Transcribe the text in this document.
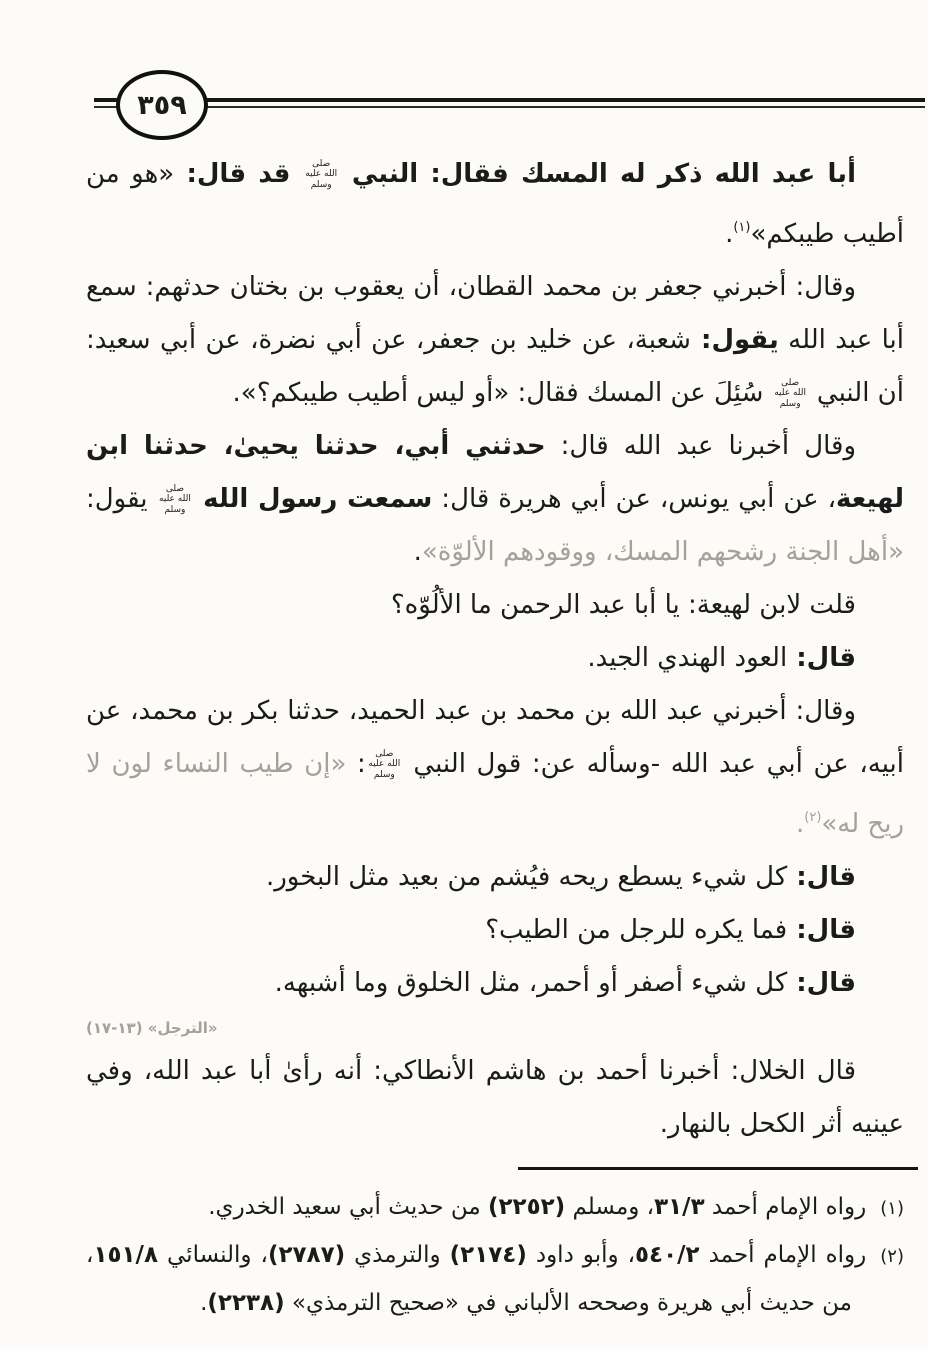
٣٥٩

أبا عبد الله ذكر له المسك فقال: النبي صلى الله عليه وسلم قد قال: «هو من أطيب طيبكم»$^{(١)}$.

وقال: أخبرني جعفر بن محمد القطان، أن يعقوب بن بختان حدثهم: سمع أبا عبد الله يقول: شعبة، عن خليد بن جعفر، عن أبي نضرة، عن أبي سعيد: أن النبي صلى الله عليه وسلم سُئِلَ عن المسك فقال: «أو ليس أطيب طيبكم؟».

وقال أخبرنا عبد الله قال: حدثني أبي، حدثنا يحيىٰ، حدثنا ابن لهيعة، عن أبي يونس، عن أبي هريرة قال: سمعت رسول الله صلى الله عليه وسلم يقول: «أهل الجنة رشحهم المسك، ووقودهم الألوّة».

قلت لابن لهيعة: يا أبا عبد الرحمن ما الألُوّه؟

قال: العود الهندي الجيد.

وقال: أخبرني عبد الله بن محمد بن عبد الحميد، حدثنا بكر بن محمد، عن أبيه، عن أبي عبد الله -وسأله عن: قول النبي صلى الله عليه وسلم: «إن طيب النساء لون لا ريح له»$^{(٢)}$.

قال: كل شيء يسطع ريحه فيُشم من بعيد مثل البخور.

قال: فما يكره للرجل من الطيب؟

قال: كل شيء أصفر أو أحمر، مثل الخلوق وما أشبهه.

«الترجل» (١٣-١٧)

قال الخلال: أخبرنا أحمد بن هاشم الأنطاكي: أنه رأىٰ أبا عبد الله، وفي عينيه أثر الكحل بالنهار.

(١)رواه الإمام أحمد ٣١/٣، ومسلم (٢٢٥٢) من حديث أبي سعيد الخدري.
(٢)رواه الإمام أحمد ٥٤٠/٢، وأبو داود (٢١٧٤) والترمذي (٢٧٨٧)، والنسائي ١٥١/٨، من حديث أبي هريرة وصححه الألباني في «صحيح الترمذي» (٢٢٣٨).
